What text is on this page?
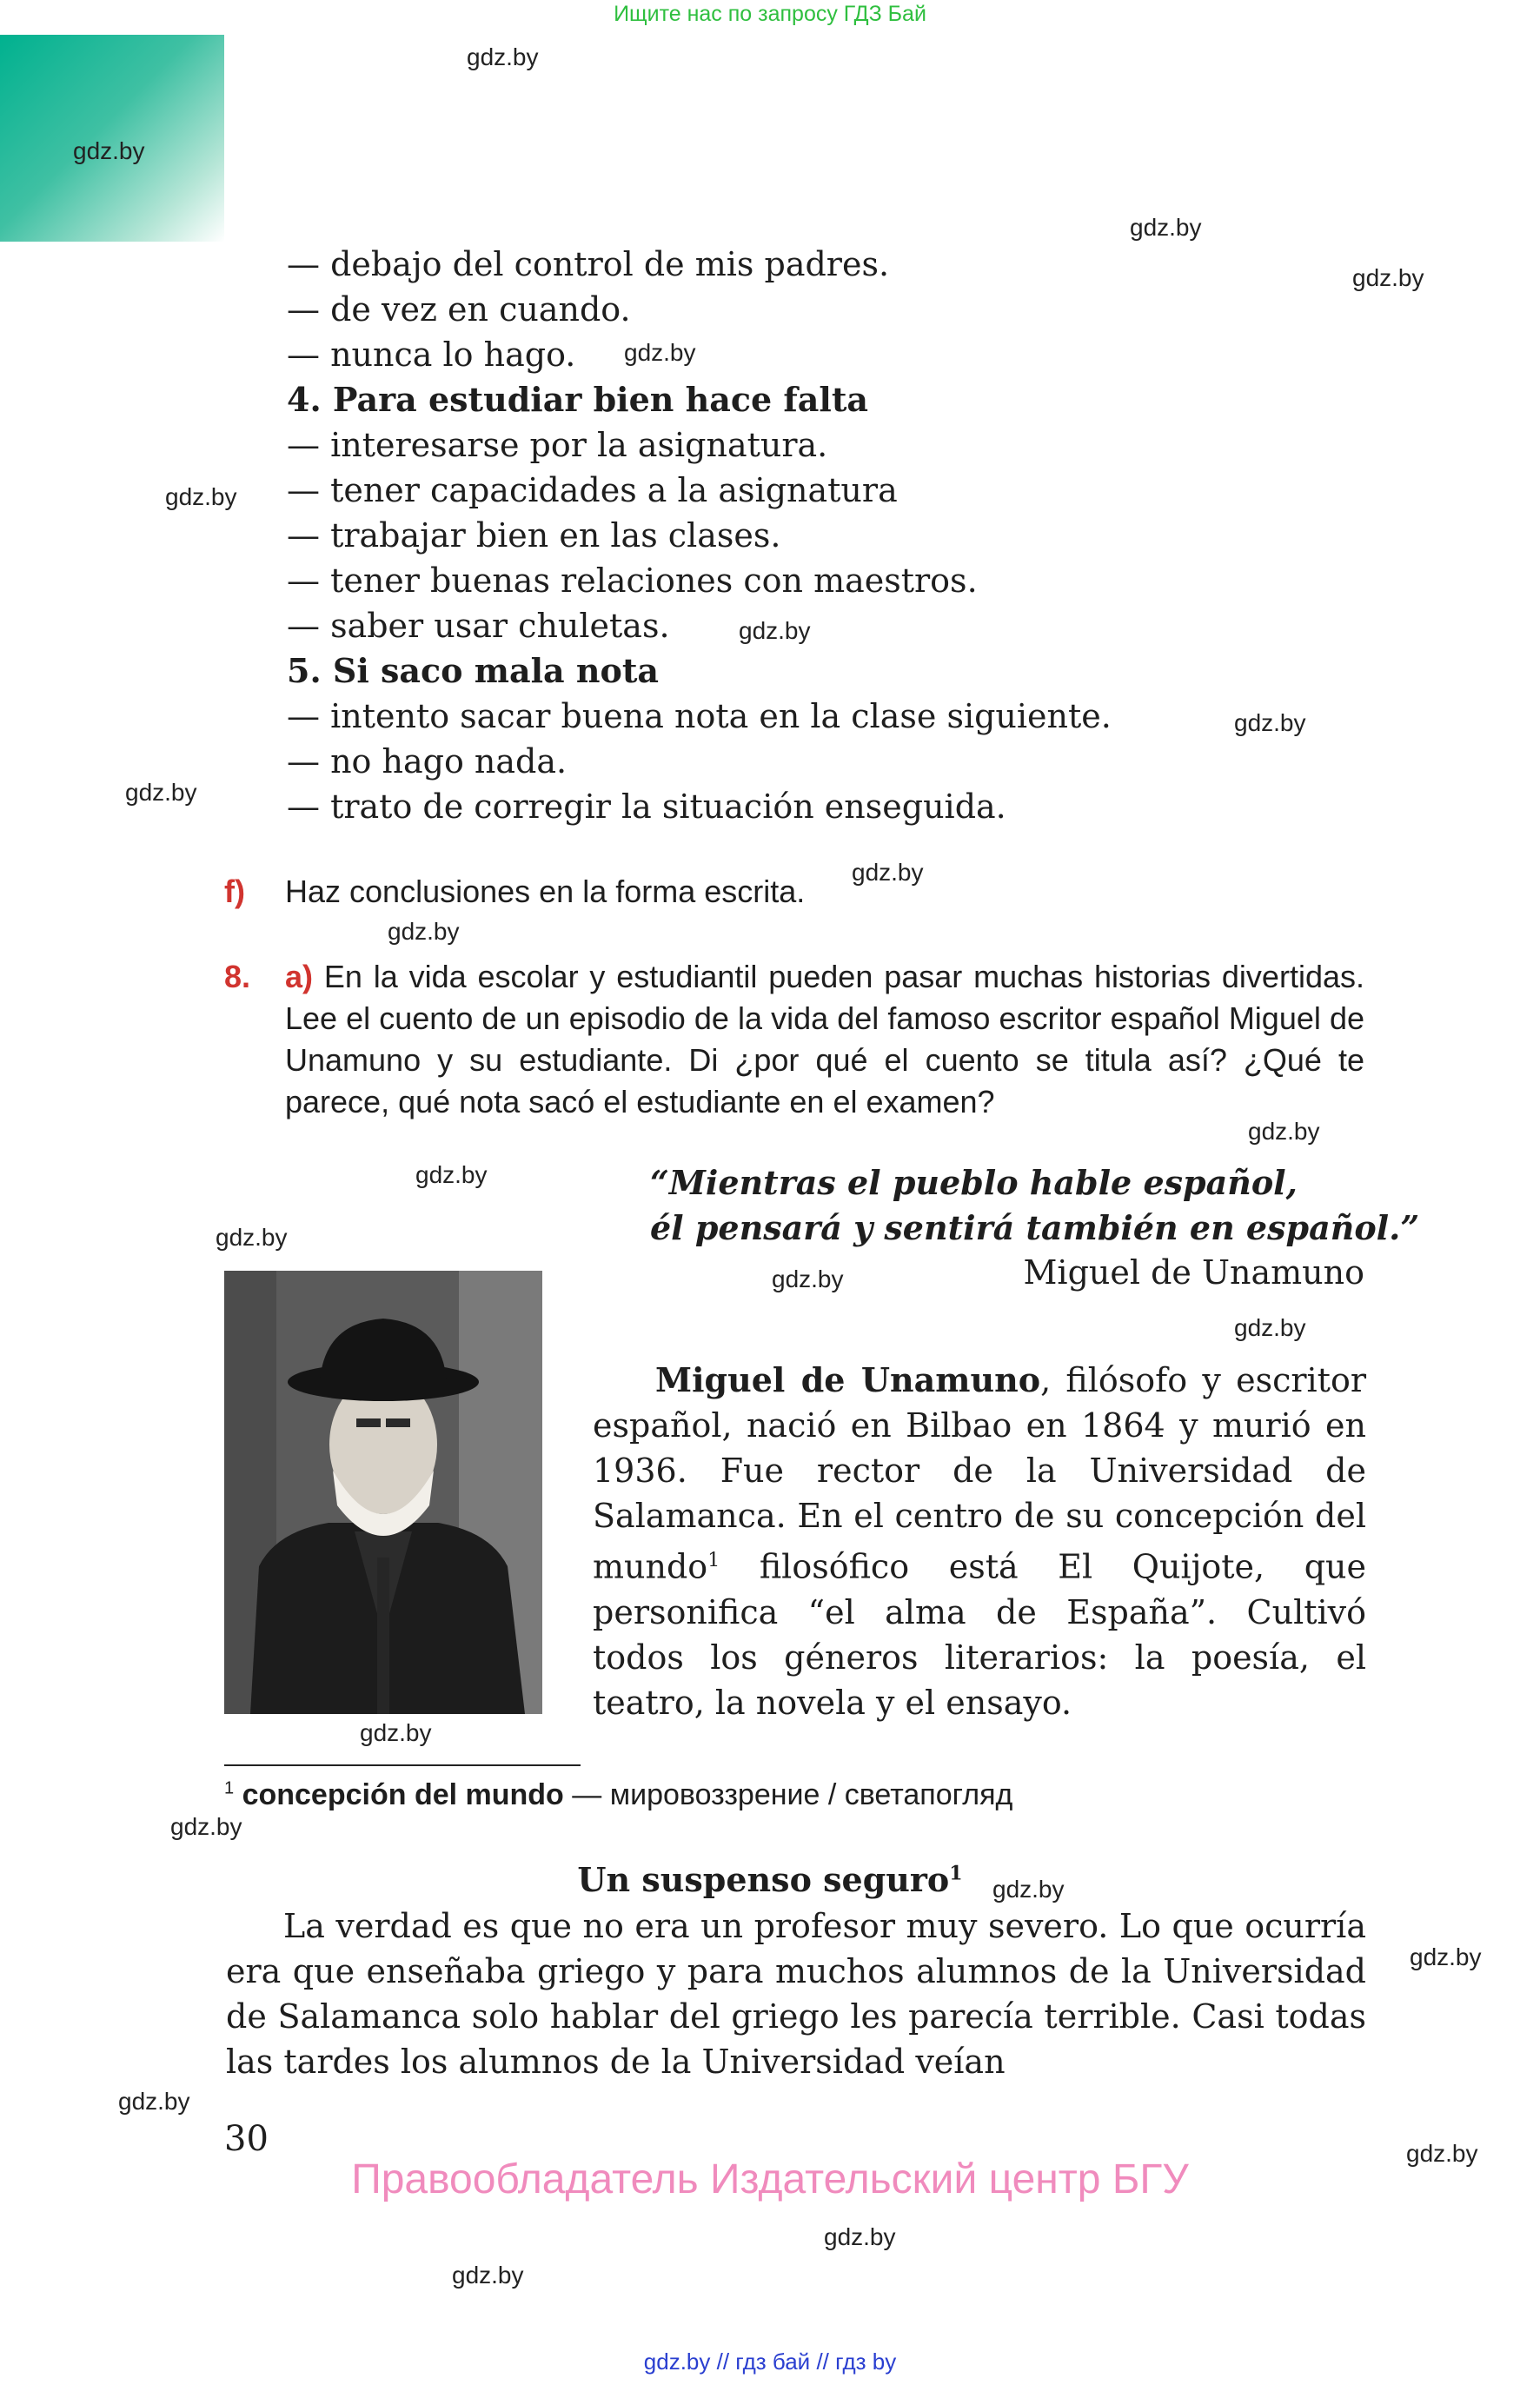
Ищите нас по запросу ГДЗ Бай
gdz.by
gdz.by
gdz.by
gdz.by
gdz.by
gdz.by
gdz.by
gdz.by
gdz.by
gdz.by
gdz.by
gdz.by
gdz.by
gdz.by
gdz.by
gdz.by
gdz.by
gdz.by
gdz.by
gdz.by
gdz.by
gdz.by
gdz.by
gdz.by
— debajo del control de mis padres.
— de vez en cuando.
— nunca lo hago.
4. Para estudiar bien hace falta
— interesarse por la asignatura.
— tener capacidades a la asignatura
— trabajar bien en las clases.
— tener buenas relaciones con maestros.
— saber usar chuletas.
5. Si saco mala nota
— intento sacar buena nota en la clase siguiente.
— no hago nada.
— trato de corregir la situación enseguida.
f) Haz conclusiones en la forma escrita.
8. a) En la vida escolar y estudiantil pueden pasar muchas historias divertidas. Lee el cuento de un episodio de la vida del famoso escritor español Miguel de Unamuno y su estudiante. Di ¿por qué el cuento se titula así? ¿Qué te parece, qué nota sacó el estudiante en el examen?
“Mientras el pueblo hable español,
él pensará y sentirá también en español.”
Miguel de Unamuno
Miguel de Unamuno, filósofo y escritor español, nació en Bilbao en 1864 y murió en 1936. Fue rector de la Universidad de Salamanca. En el centro de su concepción del mundo$^1$ filosófico está El Quijote, que personifica “el alma de España”. Cultivó todos los géneros literarios: la poesía, el teatro, la novela y el ensayo.
$^1$ concepción del mundo — мировоззрение / светапогляд
Un suspenso seguro$^1$
La verdad es que no era un profesor muy severo. Lo que ocurría era que enseñaba griego y para muchos alumnos de la Universidad de Salamanca solo hablar del griego les parecía terrible. Casi todas las tardes los alumnos de la Universidad veían
30
Правообладатель Издательский центр БГУ
gdz.by // гдз бай // гдз by
